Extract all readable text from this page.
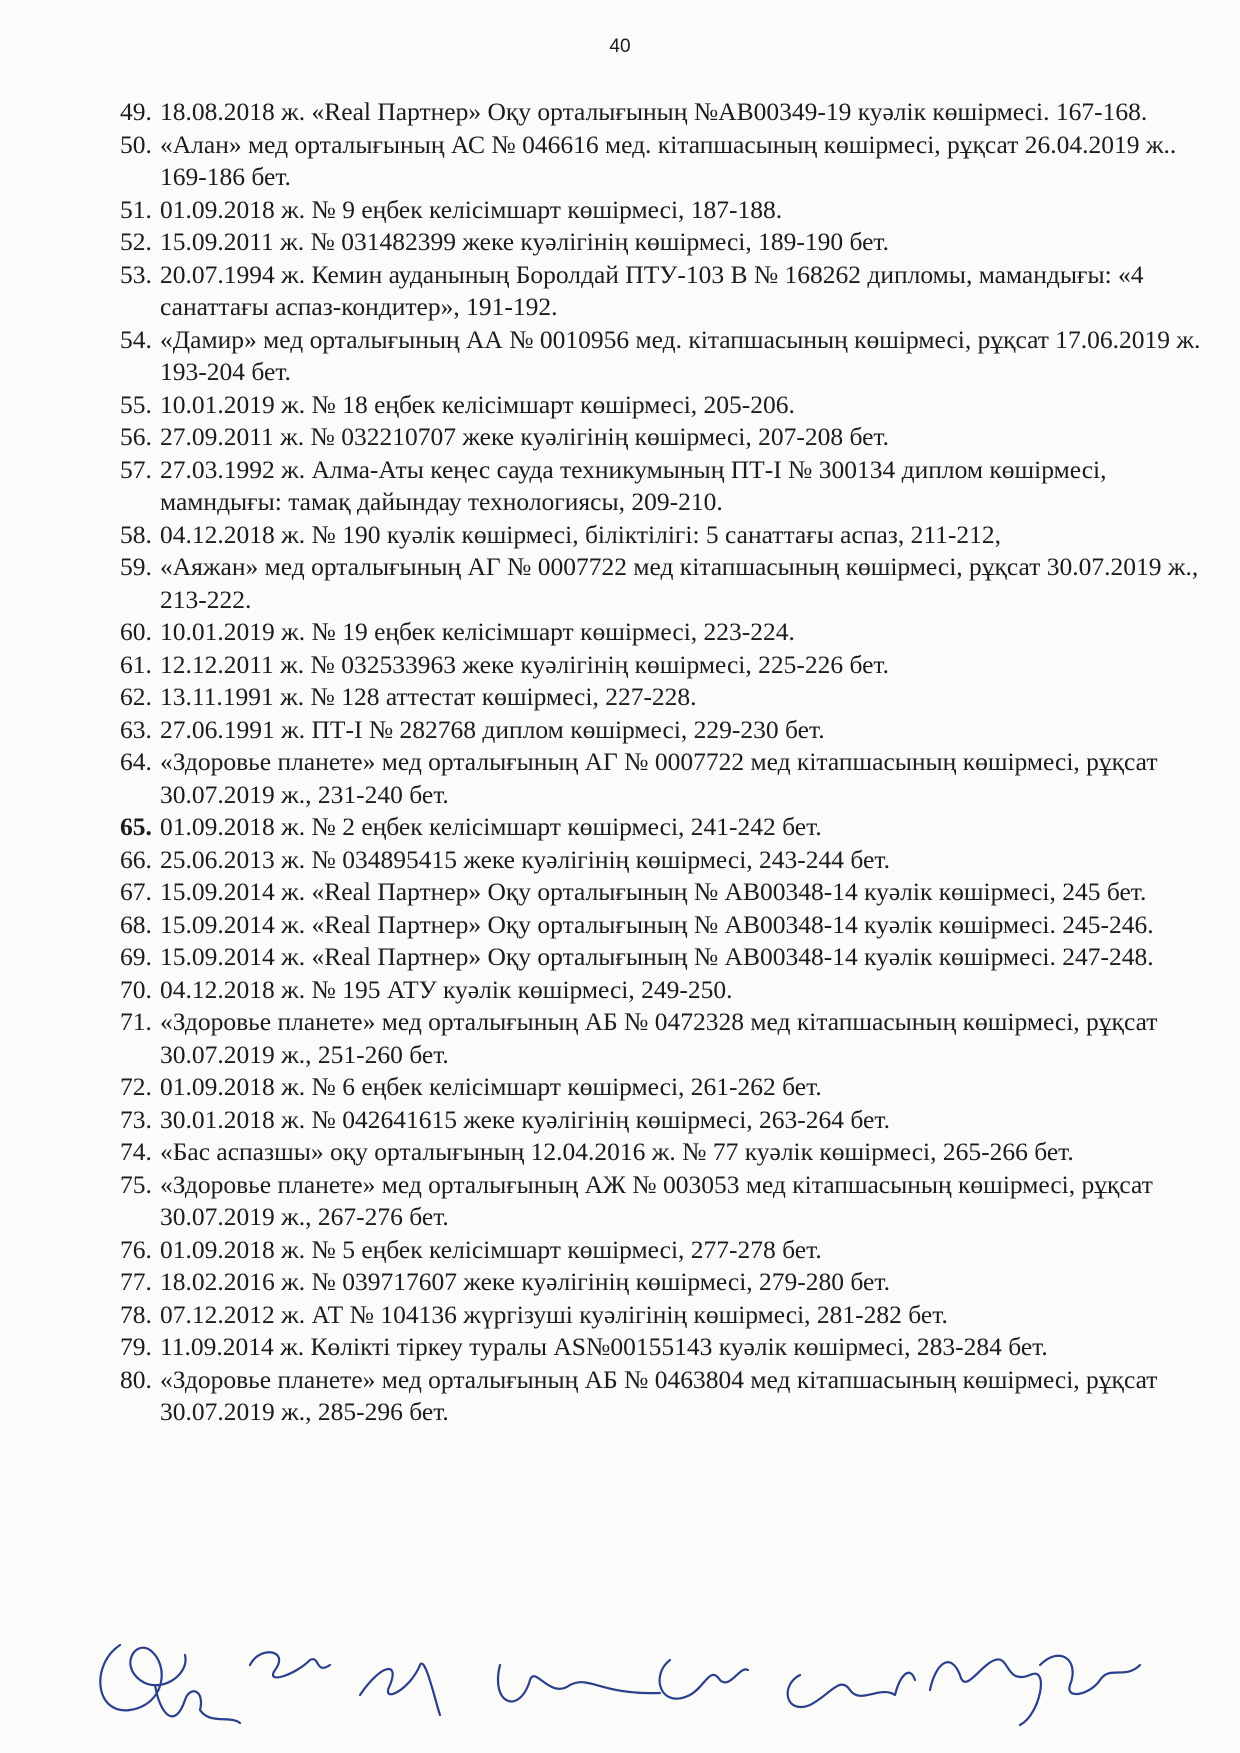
40
49. 18.08.2018 ж. «Real Партнер» Оқу орталығының №АВ00349-19 куәлік көшірмесі. 167-168.
50. «Алан» мед орталығының АС № 046616 мед. кітапшасының көшірмесі, рұқсат 26.04.2019 ж.. 169-186 бет.
51. 01.09.2018 ж. № 9 еңбек келісімшарт көшірмесі, 187-188.
52. 15.09.2011 ж. № 031482399 жеке куәлігінің көшірмесі, 189-190 бет.
53. 20.07.1994 ж. Кемин ауданының Боролдай ПТУ-103 В № 168262 дипломы, мамандығы: «4 санаттағы аспаз-кондитер», 191-192.
54. «Дамир» мед орталығының АА № 0010956 мед. кітапшасының көшірмесі, рұқсат 17.06.2019 ж. 193-204 бет.
55. 10.01.2019 ж. № 18 еңбек келісімшарт көшірмесі, 205-206.
56. 27.09.2011 ж. № 032210707 жеке куәлігінің көшірмесі, 207-208 бет.
57. 27.03.1992 ж. Алма-Аты кеңес сауда техникумының ПТ-І № 300134 диплом көшірмесі, мамндығы: тамақ дайындау технологиясы, 209-210.
58. 04.12.2018 ж. № 190 куәлік көшірмесі, біліктілігі: 5 санаттағы аспаз, 211-212,
59. «Аяжан» мед орталығының АГ № 0007722 мед кітапшасының көшірмесі, рұқсат 30.07.2019 ж., 213-222.
60. 10.01.2019 ж. № 19 еңбек келісімшарт көшірмесі, 223-224.
61. 12.12.2011 ж. № 032533963 жеке куәлігінің көшірмесі, 225-226 бет.
62. 13.11.1991 ж. № 128 аттестат көшірмесі, 227-228.
63. 27.06.1991 ж. ПТ-І № 282768 диплом көшірмесі, 229-230 бет.
64. «Здоровье планете» мед орталығының АГ № 0007722 мед кітапшасының көшірмесі, рұқсат 30.07.2019 ж., 231-240 бет.
65. 01.09.2018 ж. № 2 еңбек келісімшарт көшірмесі, 241-242 бет.
66. 25.06.2013 ж. № 034895415 жеке куәлігінің көшірмесі, 243-244 бет.
67. 15.09.2014 ж. «Real Партнер» Оқу орталығының № АВ00348-14 куәлік көшірмесі, 245 бет.
68. 15.09.2014 ж. «Real Партнер» Оқу орталығының № АВ00348-14 куәлік көшірмесі. 245-246.
69. 15.09.2014 ж. «Real Партнер» Оқу орталығының № АВ00348-14 куәлік көшірмесі. 247-248.
70. 04.12.2018 ж. № 195 АТУ куәлік көшірмесі, 249-250.
71. «Здоровье планете» мед орталығының АБ № 0472328 мед кітапшасының көшірмесі, рұқсат 30.07.2019 ж., 251-260 бет.
72. 01.09.2018 ж. № 6 еңбек келісімшарт көшірмесі, 261-262 бет.
73. 30.01.2018 ж. № 042641615 жеке куәлігінің көшірмесі, 263-264 бет.
74. «Бас аспазшы» оқу орталығының 12.04.2016 ж. № 77 куәлік көшірмесі, 265-266 бет.
75. «Здоровье планете» мед орталығының АЖ № 003053 мед кітапшасының көшірмесі, рұқсат 30.07.2019 ж., 267-276 бет.
76. 01.09.2018 ж. № 5 еңбек келісімшарт көшірмесі, 277-278 бет.
77. 18.02.2016 ж. № 039717607 жеке куәлігінің көшірмесі, 279-280 бет.
78. 07.12.2012 ж. АТ № 104136 жүргізуші куәлігінің көшірмесі, 281-282 бет.
79. 11.09.2014 ж. Көлікті тіркеу туралы AS№00155143 куәлік көшірмесі, 283-284 бет.
80. «Здоровье планете» мед орталығының АБ № 0463804 мед кітапшасының көшірмесі, рұқсат 30.07.2019 ж., 285-296 бет.
